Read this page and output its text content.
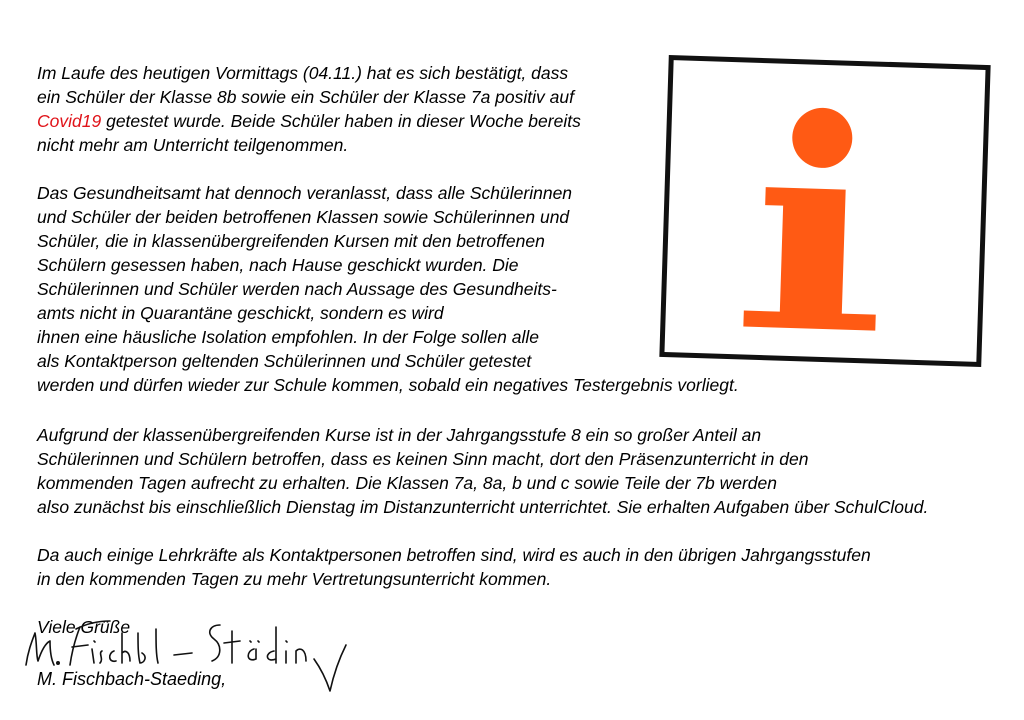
Im Laufe des heutigen Vormittags (04.11.) hat es sich bestätigt, dass
ein Schüler der Klasse 8b sowie ein Schüler der Klasse 7a positiv auf
Covid19 getestet wurde. Beide Schüler haben in dieser Woche bereits
nicht mehr am Unterricht teilgenommen.
Das Gesundheitsamt hat dennoch veranlasst, dass alle Schülerinnen
und Schüler der beiden betroffenen Klassen sowie Schülerinnen und
Schüler, die in klassenübergreifenden Kursen mit den betroffenen
Schülern gesessen haben, nach Hause geschickt wurden. Die
Schülerinnen und Schüler werden nach Aussage des Gesundheits-
amts nicht in Quarantäne geschickt, sondern es wird
ihnen eine häusliche Isolation empfohlen. In der Folge sollen alle
als Kontaktperson geltenden Schülerinnen und Schüler getestet
werden und dürfen wieder zur Schule kommen, sobald ein negatives Testergebnis vorliegt.
Aufgrund der klassenübergreifenden Kurse ist in der Jahrgangsstufe 8 ein so großer Anteil an
Schülerinnen und Schülern betroffen, dass es keinen Sinn macht, dort den Präsenzunterricht in den
kommenden Tagen aufrecht zu erhalten. Die Klassen 7a, 8a, b und c sowie Teile der 7b werden
also zunächst bis einschließlich Dienstag im Distanzunterricht unterrichtet. Sie erhalten Aufgaben über SchulCloud.
Da auch einige Lehrkräfte als Kontaktpersonen betroffen sind, wird es auch in den übrigen Jahrgangsstufen
in den kommenden Tagen zu mehr Vertretungsunterricht kommen.
Viele Grüße
M. Fischbach-Staeding,
